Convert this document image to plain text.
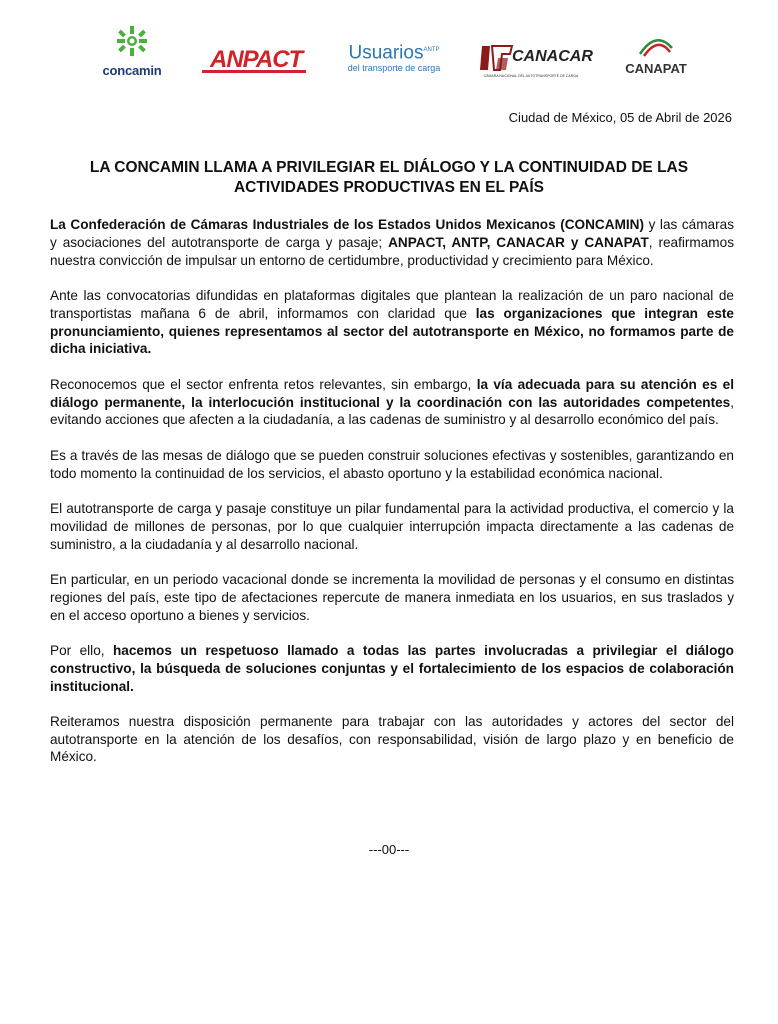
concamin	ANPACT	Usuarios$^{ANTP}$
del transporte de carga
CANACAR
CÁMARA NACIONAL DEL AUTOTRANSPORTE DE CARGA	CANAPAT
Ciudad de México, 05 de Abril de 2026
LA CONCAMIN LLAMA A PRIVILEGIAR EL DIÁLOGO Y LA CONTINUIDAD DE LAS ACTIVIDADES PRODUCTIVAS EN EL PAÍS

La Confederación de Cámaras Industriales de los Estados Unidos Mexicanos (CONCAMIN) y las cámaras y asociaciones del autotransporte de carga y pasaje; ANPACT, ANTP, CANACAR y CANAPAT, reafirmamos nuestra convicción de impulsar un entorno de certidumbre, productividad y crecimiento para México.

Ante las convocatorias difundidas en plataformas digitales que plantean la realización de un paro nacional de transportistas mañana 6 de abril, informamos con claridad que las organizaciones que integran este pronunciamiento, quienes representamos al sector del autotransporte en México, no formamos parte de dicha iniciativa.

Reconocemos que el sector enfrenta retos relevantes, sin embargo, la vía adecuada para su atención es el diálogo permanente, la interlocución institucional y la coordinación con las autoridades competentes, evitando acciones que afecten a la ciudadanía, a las cadenas de suministro y al desarrollo económico del país.

Es a través de las mesas de diálogo que se pueden construir soluciones efectivas y sostenibles, garantizando en todo momento la continuidad de los servicios, el abasto oportuno y la estabilidad económica nacional.

El autotransporte de carga y pasaje constituye un pilar fundamental para la actividad productiva, el comercio y la movilidad de millones de personas, por lo que cualquier interrupción impacta directamente a las cadenas de suministro, a la ciudadanía y al desarrollo nacional.

En particular, en un periodo vacacional donde se incrementa la movilidad de personas y el consumo en distintas regiones del país, este tipo de afectaciones repercute de manera inmediata en los usuarios, en sus traslados y en el acceso oportuno a bienes y servicios.

Por ello, hacemos un respetuoso llamado a todas las partes involucradas a privilegiar el diálogo constructivo, la búsqueda de soluciones conjuntas y el fortalecimiento de los espacios de colaboración institucional.

Reiteramos nuestra disposición permanente para trabajar con las autoridades y actores del sector del autotransporte en la atención de los desafíos, con responsabilidad, visión de largo plazo y en beneficio de México.

---00---
